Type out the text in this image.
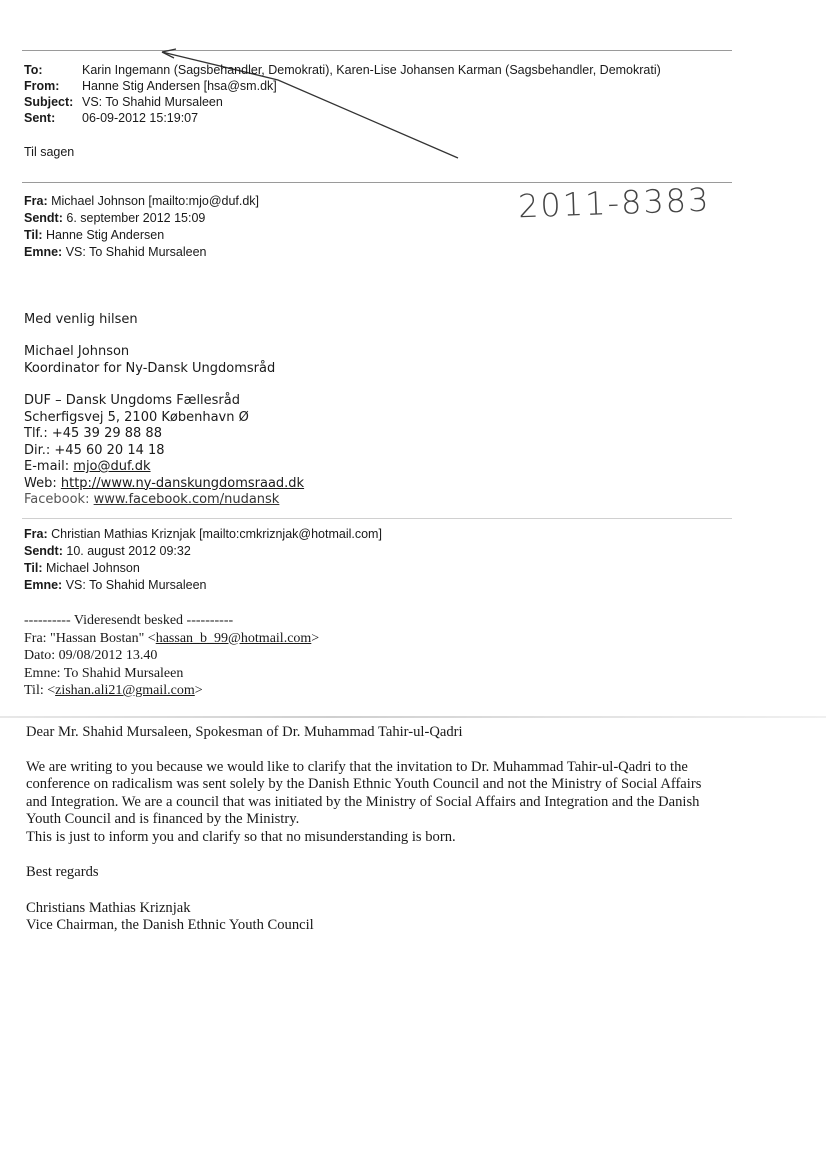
To:	Karin Ingemann (Sagsbehandler, Demokrati), Karen-Lise Johansen Karman (Sagsbehandler, Demokrati)
From: Hanne Stig Andersen [hsa@sm.dk]
Subject: VS: To Shahid Mursaleen
Sent: 06-09-2012 15:19:07
Til sagen
2011-8383
Fra: Michael Johnson [mailto:mjo@duf.dk]
Sendt: 6. september 2012 15:09
Til: Hanne Stig Andersen
Emne: VS: To Shahid Mursaleen
Med venlig hilsen
Michael Johnson
Koordinator for Ny-Dansk Ungdomsråd
DUF – Dansk Ungdoms Fællesråd
Scherfigsvej 5, 2100 København Ø
Tlf.: +45 39 29 88 88
Dir.: +45 60 20 14 18
E-mail: mjo@duf.dk
Web: http://www.ny-danskungdomsraad.dk
Facebook: www.facebook.com/nudansk
Fra: Christian Mathias Kriznjak [mailto:cmkriznjak@hotmail.com]
Sendt: 10. august 2012 09:32
Til: Michael Johnson
Emne: VS: To Shahid Mursaleen
---------- Videresendt besked ----------
Fra: "Hassan Bostan" <hassan_b_99@hotmail.com>
Dato: 09/08/2012 13.40
Emne: To Shahid Mursaleen
Til: <zishan.ali21@gmail.com>
Dear Mr. Shahid Mursaleen, Spokesman of Dr. Muhammad Tahir-ul-Qadri
We are writing to you because we would like to clarify that the invitation to Dr. Muhammad Tahir-ul-Qadri to the
conference on radicalism was sent solely by the Danish Ethnic Youth Council and not the Ministry of Social Affairs
and Integration. We are a council that was initiated by the Ministry of Social Affairs and Integration and the Danish
Youth Council and is financed by the Ministry.
This is just to inform you and clarify so that no misunderstanding is born.
Best regards
Christians Mathias Kriznjak
Vice Chairman, the Danish Ethnic Youth Council
